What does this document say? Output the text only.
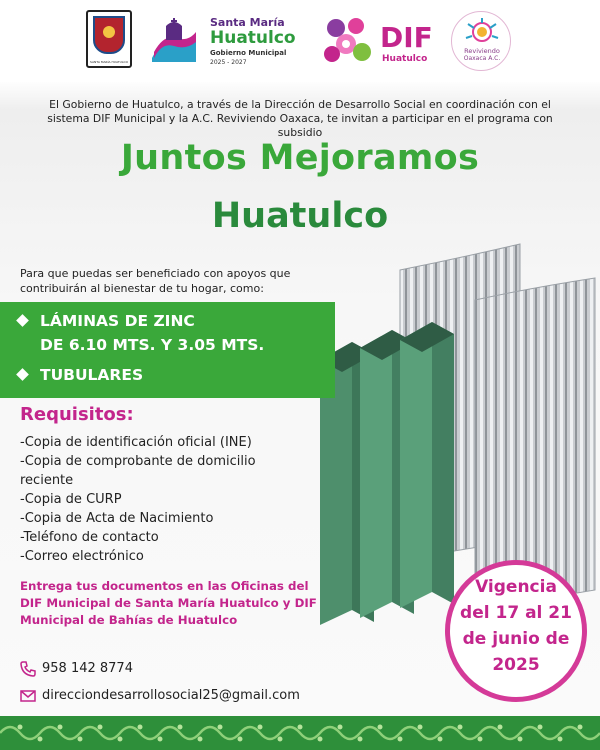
SANTA MARÍA HUATULCO
Santa María
Huatulco
Gobierno Municipal
2025 - 2027
DIF
Huatulco
Reviviendo
Oaxaca A.C.
El Gobierno de Huatulco, a través de la Dirección de Desarrollo Social en coordinación con el sistema DIF Municipal y la A.C. Reviviendo Oaxaca, te invitan a participar en el programa con subsidio
Juntos Mejoramos
Huatulco
Para que puedas ser beneficiado con apoyos que contribuirán al bienestar de tu hogar, como:
LÁMINAS DE ZINC
DE 6.10 MTS. Y 3.05 MTS.
TUBULARES
Requisitos:
-Copia de identificación oficial (INE)
-Copia de comprobante de domicilio
reciente
-Copia de CURP
-Copia de Acta de Nacimiento
-Teléfono de contacto
-Correo electrónico
Entrega tus documentos en las Oficinas del DIF Municipal de Santa María Huatulco y DIF Municipal de Bahías de Huatulco
958 142 8774
direcciondesarrollosocial25@gmail.com
Vigencia
del 17 al 21
de junio de
2025
